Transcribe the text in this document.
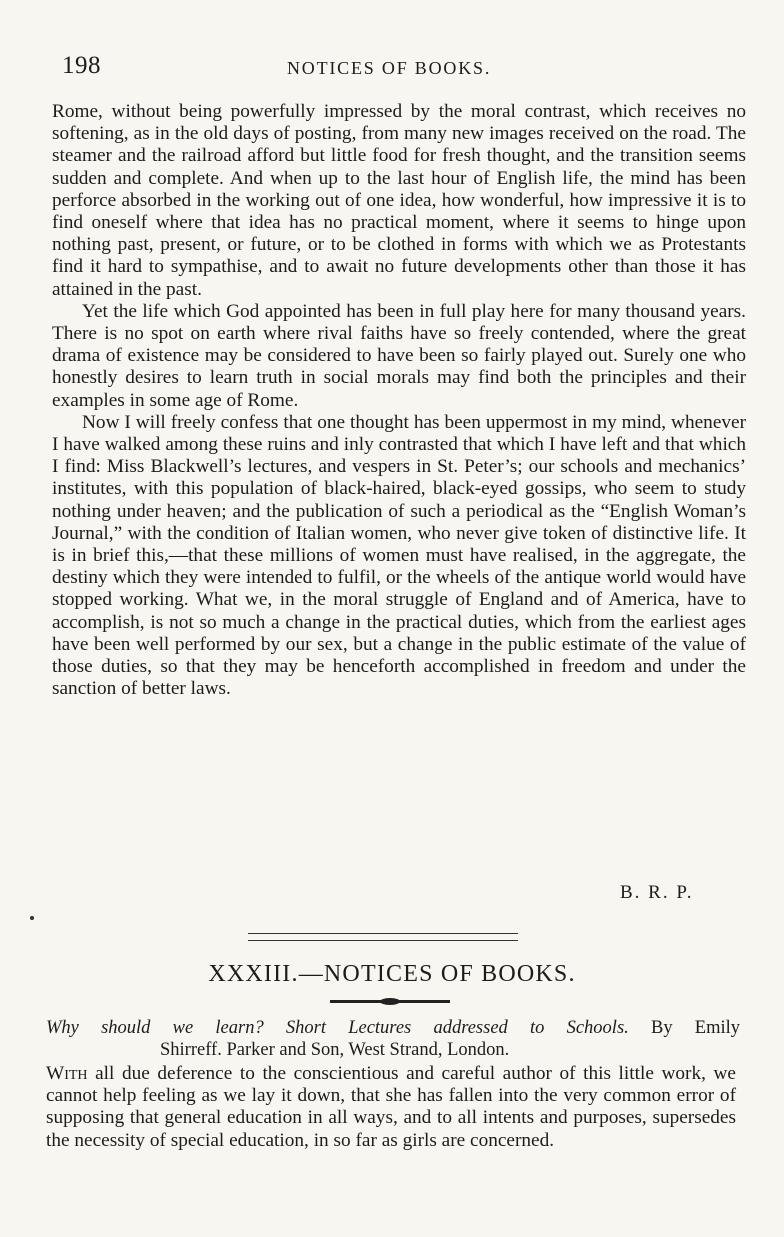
198	NOTICES OF BOOKS.

Rome, without being powerfully impressed by the moral contrast, which receives no softening, as in the old days of posting, from many new images received on the road. The steamer and the railroad afford but little food for fresh thought, and the transition seems sudden and complete. And when up to the last hour of English life, the mind has been perforce absorbed in the working out of one idea, how wonderful, how impressive it is to find oneself where that idea has no practical moment, where it seems to hinge upon nothing past, present, or future, or to be clothed in forms with which we as Protestants find it hard to sympathise, and to await no future developments other than those it has attained in the past.

Yet the life which God appointed has been in full play here for many thousand years. There is no spot on earth where rival faiths have so freely contended, where the great drama of existence may be considered to have been so fairly played out. Surely one who honestly desires to learn truth in social morals may find both the principles and their examples in some age of Rome.

Now I will freely confess that one thought has been uppermost in my mind, whenever I have walked among these ruins and inly contrasted that which I have left and that which I find: Miss Blackwell’s lectures, and vespers in St. Peter’s; our schools and mechanics’ institutes, with this population of black-haired, black-eyed gossips, who seem to study nothing under heaven; and the publication of such a periodical as the “English Woman’s Journal,” with the condition of Italian women, who never give token of distinctive life. It is in brief this,—that these millions of women must have realised, in the aggregate, the destiny which they were intended to fulfil, or the wheels of the antique world would have stopped working. What we, in the moral struggle of England and of America, have to accomplish, is not so much a change in the practical duties, which from the earliest ages have been well performed by our sex, but a change in the public estimate of the value of those duties, so that they may be henceforth accomplished in freedom and under the sanction of better laws.

B. R. P.
XXXIII.—NOTICES OF BOOKS.
Why should we learn? Short Lectures addressed to Schools. By Emily
Shirreff. Parker and Son, West Strand, London.

With all due deference to the conscientious and careful author of this little work, we cannot help feeling as we lay it down, that she has fallen into the very common error of supposing that general education in all ways, and to all intents and purposes, supersedes the necessity of special education, in so far as girls are concerned.
